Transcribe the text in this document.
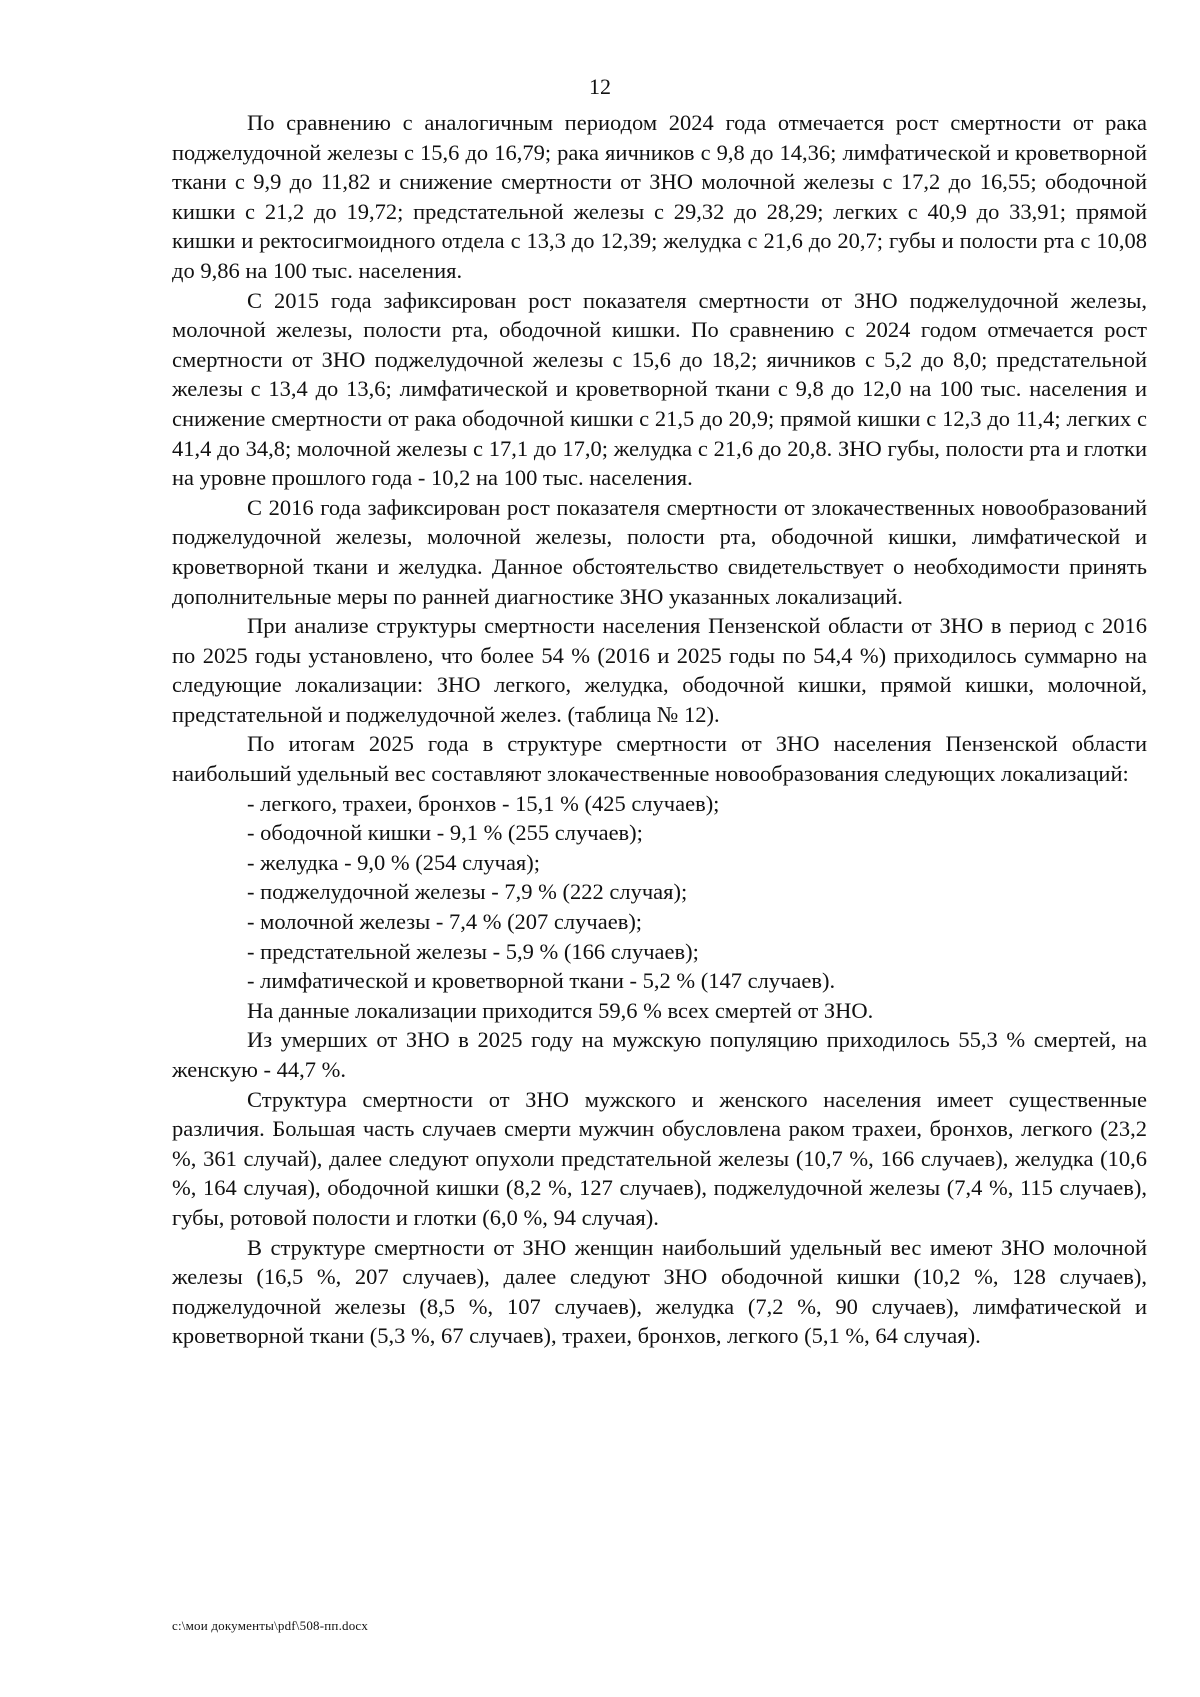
12

По сравнению с аналогичным периодом 2024 года отмечается рост смертности от рака поджелудочной железы с 15,6 до 16,79; рака яичников с 9,8 до 14,36; лимфатической и кроветворной ткани с 9,9 до 11,82 и снижение смертности от ЗНО молочной железы с 17,2 до 16,55; ободочной кишки с 21,2 до 19,72; предстательной железы с 29,32 до 28,29; легких с 40,9 до 33,91; прямой кишки и ректосигмоидного отдела с 13,3 до 12,39; желудка с 21,6 до 20,7; губы и полости рта с 10,08 до 9,86 на 100 тыс. населения.

С 2015 года зафиксирован рост показателя смертности от ЗНО поджелудочной железы, молочной железы, полости рта, ободочной кишки. По сравнению с 2024 годом отмечается рост смертности от ЗНО поджелудочной железы с 15,6 до 18,2; яичников с 5,2 до 8,0; предстательной железы с 13,4 до 13,6; лимфатической и кроветворной ткани с 9,8 до 12,0 на 100 тыс. населения и снижение смертности от рака ободочной кишки с 21,5 до 20,9; прямой кишки с 12,3 до 11,4; легких с 41,4 до 34,8; молочной железы с 17,1 до 17,0; желудка с 21,6 до 20,8. ЗНО губы, полости рта и глотки на уровне прошлого года - 10,2 на 100 тыс. населения.

С 2016 года зафиксирован рост показателя смертности от злокачественных новообразований поджелудочной железы, молочной железы, полости рта, ободочной кишки, лимфатической и кроветворной ткани и желудка. Данное обстоятельство свидетельствует о необходимости принять дополнительные меры по ранней диагностике ЗНО указанных локализаций.

При анализе структуры смертности населения Пензенской области от ЗНО в период с 2016 по 2025 годы установлено, что более 54 % (2016 и 2025 годы по 54,4 %) приходилось суммарно на следующие локализации: ЗНО легкого, желудка, ободочной кишки, прямой кишки, молочной, предстательной и поджелудочной желез. (таблица № 12).

По итогам 2025 года в структуре смертности от ЗНО населения Пензенской области наибольший удельный вес составляют злокачественные новообразования следующих локализаций:

- легкого, трахеи, бронхов - 15,1 % (425 случаев);

- ободочной кишки - 9,1 % (255 случаев);

- желудка - 9,0 % (254 случая);

- поджелудочной железы - 7,9 % (222 случая);

- молочной железы - 7,4 % (207 случаев);

- предстательной железы - 5,9 % (166 случаев);

- лимфатической и кроветворной ткани - 5,2 % (147 случаев).

На данные локализации приходится 59,6 % всех смертей от ЗНО.

Из умерших от ЗНО в 2025 году на мужскую популяцию приходилось 55,3 % смертей, на женскую - 44,7 %.

Структура смертности от ЗНО мужского и женского населения имеет существенные различия. Большая часть случаев смерти мужчин обусловлена раком трахеи, бронхов, легкого (23,2 %, 361 случай), далее следуют опухоли предстательной железы (10,7 %, 166 случаев), желудка (10,6 %, 164 случая), ободочной кишки (8,2 %, 127 случаев), поджелудочной железы (7,4 %, 115 случаев), губы, ротовой полости и глотки (6,0 %, 94 случая).

В структуре смертности от ЗНО женщин наибольший удельный вес имеют ЗНО молочной железы (16,5 %, 207 случаев), далее следуют ЗНО ободочной кишки (10,2 %, 128 случаев), поджелудочной железы (8,5 %, 107 случаев), желудка (7,2 %, 90 случаев), лимфатической и кроветворной ткани (5,3 %, 67 случаев), трахеи, бронхов, легкого (5,1 %, 64 случая).

c:\мои документы\pdf\508-пп.docx
